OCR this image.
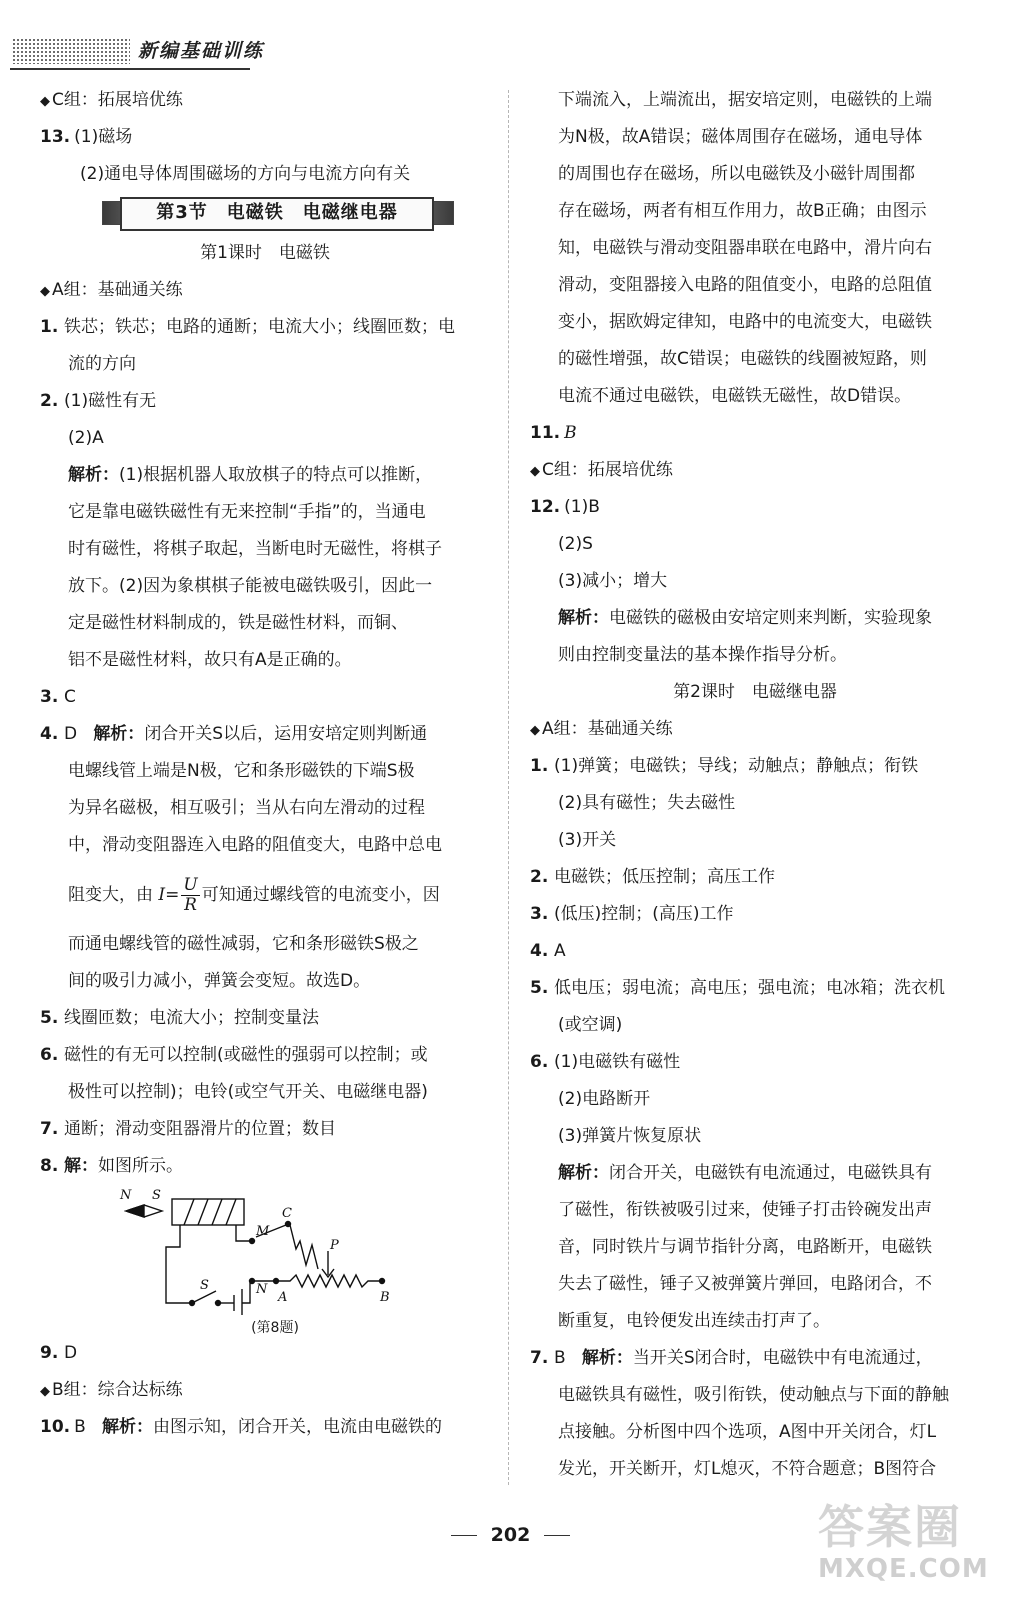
新编基础训练
◆ C组：拓展培优练
13. (1)磁场
(2)通电导体周围磁场的方向与电流方向有关
第3节　电磁铁　电磁继电器
第1课时　电磁铁
◆ A组：基础通关练
1. 铁芯；铁芯；电路的通断；电流大小；线圈匝数；电
流的方向
2. (1)磁性有无
(2)A
解析：(1)根据机器人取放棋子的特点可以推断，
它是靠电磁铁磁性有无来控制“手指”的，当通电
时有磁性，将棋子取起，当断电时无磁性，将棋子
放下。(2)因为象棋棋子能被电磁铁吸引，因此一
定是磁性材料制成的，铁是磁性材料，而铜、
铝不是磁性材料，故只有A是正确的。
3. C
4. D 解析：闭合开关S以后，运用安培定则判断通
电螺线管上端是N极，它和条形磁铁的下端S极
为异名磁极，相互吸引；当从右向左滑动的过程
中，滑动变阻器连入电路的阻值变大，电路中总电
阻变大，由 $I= \frac{U}{R}$ 可知通过螺线管的电流变小，因
而通电螺线管的磁性减弱，它和条形磁铁S极之
间的吸引力减小，弹簧会变短。故选D。
5. 线圈匝数；电流大小；控制变量法
6. 磁性的有无可以控制(或磁性的强弱可以控制；或
极性可以控制)；电铃(或空气开关、电磁继电器)
7. 通断；滑动变阻器滑片的位置；数目
8. 解：如图所示。
N S
M
C
P
S	N
A	B
(第8题)
9. D
◆ B组：综合达标练
10. B 解析：由图示知，闭合开关，电流由电磁铁的
下端流入，上端流出，据安培定则，电磁铁的上端
为N极，故A错误；磁体周围存在磁场，通电导体
的周围也存在磁场，所以电磁铁及小磁针周围都
存在磁场，两者有相互作用力，故B正确；由图示
知，电磁铁与滑动变阻器串联在电路中，滑片向右
滑动，变阻器接入电路的阻值变小，电路的总阻值
变小，据欧姆定律知，电路中的电流变大，电磁铁
的磁性增强，故C错误；电磁铁的线圈被短路，则
电流不通过电磁铁，电磁铁无磁性，故D错误。
11. B
◆ C组：拓展培优练
12. (1)B
(2)S
(3)减小；增大
解析：电磁铁的磁极由安培定则来判断，实验现象
则由控制变量法的基本操作指导分析。
第2课时　电磁继电器
◆ A组：基础通关练
1. (1)弹簧；电磁铁；导线；动触点；静触点；衔铁
(2)具有磁性；失去磁性
(3)开关
2. 电磁铁；低压控制；高压工作
3. (低压)控制；(高压)工作
4. A
5. 低电压；弱电流；高电压；强电流；电冰箱；洗衣机
(或空调)
6. (1)电磁铁有磁性
(2)电路断开
(3)弹簧片恢复原状
解析：闭合开关，电磁铁有电流通过，电磁铁具有
了磁性，衔铁被吸引过来，使锤子打击铃碗发出声
音，同时铁片与调节指针分离，电路断开，电磁铁
失去了磁性，锤子又被弹簧片弹回，电路闭合，不
断重复，电铃便发出连续击打声了。
7. B 解析：当开关S闭合时，电磁铁中有电流通过，
电磁铁具有磁性，吸引衔铁，使动触点与下面的静触
点接触。分析图中四个选项，A图中开关闭合，灯L
发光，开关断开，灯L熄灭，不符合题意；B图符合
202	答案圈
MXQE.COM
